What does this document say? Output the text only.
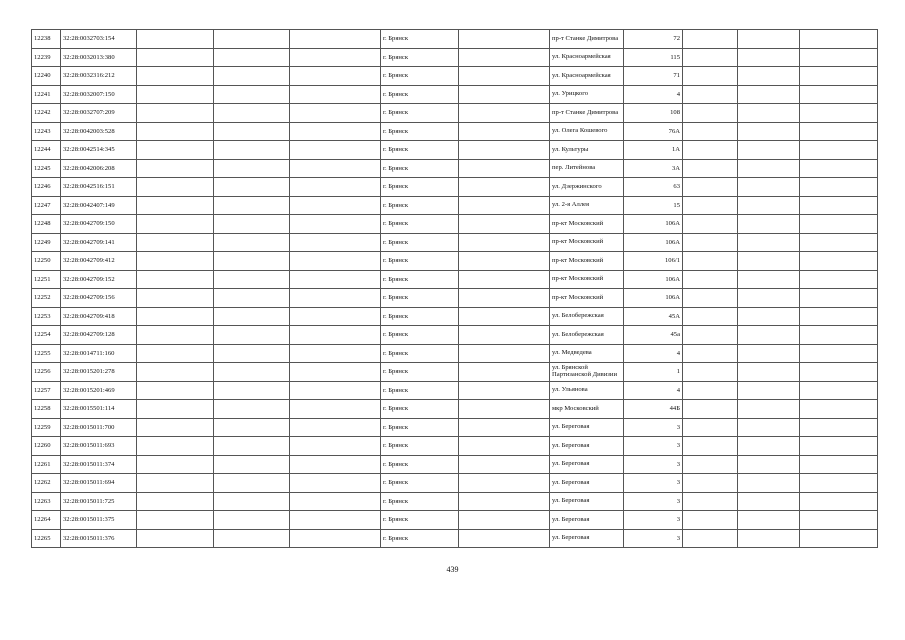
12238	32:28:0032703:154				г. Брянск		пр-т Станке Димитрова	72			
12239	32:28:0032013:380				г. Брянск		ул. Красноармейская	115			
12240	32:28:0032316:212				г. Брянск		ул. Красноармейская	71			
12241	32:28:0032007:150				г. Брянск		ул. Урицкого	4			
12242	32:28:0032707:209				г. Брянск		пр-т Станке Димитрова	108			
12243	32:28:0042003:528				г. Брянск		ул. Олега Кошевого	76А			
12244	32:28:0042514:345				г. Брянск		ул. Культуры	1А			
12245	32:28:0042006:208				г. Брянск		пер. Литейнова	3А			
12246	32:28:0042516:151				г. Брянск		ул. Дзержинского	63			
12247	32:28:0042407:149				г. Брянск		ул. 2-я Аллея	15			
12248	32:28:0042709:150				г. Брянск		пр-кт Московский	106А			
12249	32:28:0042709:141				г. Брянск		пр-кт Московский	106А			
12250	32:28:0042709:412				г. Брянск		пр-кт Московский	106/1			
12251	32:28:0042709:152				г. Брянск		пр-кт Московский	106А			
12252	32:28:0042709:156				г. Брянск		пр-кт Московский	106А			
12253	32:28:0042709:418				г. Брянск		ул. Белобережская	45А			
12254	32:28:0042709:128				г. Брянск		ул. Белобережская	45а			
12255	32:28:0014711:160				г. Брянск		ул. Медведева	4			
12256	32:28:0015201:278				г. Брянск		ул. Брянской Партизанской Дивизии	1			
12257	32:28:0015201:469				г. Брянск		ул. Ульянова	4			
12258	32:28:0015501:114				г. Брянск		мкр Московский	44Б			
12259	32:28:0015011:700				г. Брянск		ул. Береговая	3			
12260	32:28:0015011:693				г. Брянск		ул. Береговая	3			
12261	32:28:0015011:374				г. Брянск		ул. Береговая	3			
12262	32:28:0015011:694				г. Брянск		ул. Береговая	3			
12263	32:28:0015011:725				г. Брянск		ул. Береговая	3			
12264	32:28:0015011:375				г. Брянск		ул. Береговая	3			
12265	32:28:0015011:376				г. Брянск		ул. Береговая	3			
439
